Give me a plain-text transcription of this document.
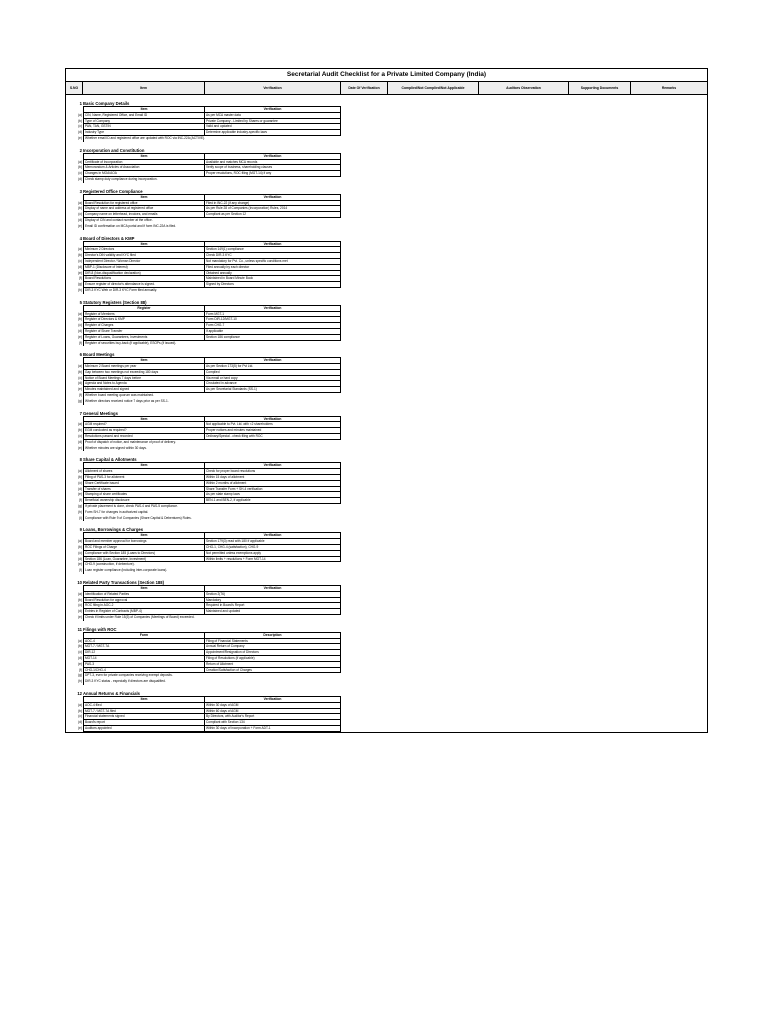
Secretarial Audit Checklist for a Private Limited Company (India)
S.NO	Item	Verification	Date Of Verification	Complied/Not Complied/Not Applicable	Auditors Observation	Supporting Documents	Remarks
1 Basic Company Details
Item	Verification
(a) CIN, Name, Registered Office, and Email ID	As per MCA master data
(b) Type of Company	Private Company - Limited by Shares or guarantee
(c) PAN, TAN, GSTIN	Valid and updated
(d) Industry Type	Determine applicable industry-specific laws
(e) Whether email ID and registered office are updated with ROC via INC-22A (ACTIVE).
2 Incorporation and Constitution
Item	Verification
(a) Certificate of Incorporation	Available and matches MCA records
(b) Memorandum & Articles of Association	Verify scope of business, shareholding clauses
(c) Changes in MOA/AOA	Proper resolutions, ROC filing (MGT-14) if any
(d) Check stamp duty compliance during incorporation.
3 Registered Office Compliance
Item	Verification
(a) Board Resolution for registered office	Filed in INC-22 (if any change)
(b) Display of name and address at registered office	As per Rule 28 of Companies (Incorporation) Rules, 2014
(c) Company name on letterhead, invoices, and emails	Compliant as per Section 12
(d) Display of CIN and contact number at the office.
(e) Email ID confirmation on MCA portal and if form INC-22A is filed.
4 Board of Directors & KMP
Item	Verification
(a) Minimum 2 Directors	Section 149(1) compliance
(b) Director's DIN validity and KYC filed	Check DIR-3 KYC
(c) Independent Director / Woman Director	Not mandatory for Pvt. Co., unless specific conditions met
(d) MBP-1 (Disclosure of Interest)	Filed annually by each director
(e) DIR-8 (Non-disqualification declaration)	Obtained annually
(f) Board Resolutions	Maintained in Board Minute Book
(g) Ensure register of director's attendance is signed.	Signed by Directors
(h) DIR-3 KYC Web or DIR-3 KYC Form filed annually.
5 Statutory Registers (Section 88)
Register	Verification
(a) Register of Members	Form MGT-1
(b) Register of Directors & KMP	Form DIR-12/MGT-10
(c) Register of Charges	Form CHG-7
(d) Register of Share Transfer	If applicable
(e) Register of Loans, Guarantees, Investments	Section 186 compliance
(f) Register of securities buy-back (if applicable), ESOPs (if issued).
6 Board Meetings
Item	Verification
(a) Minimum 2 Board meetings per year	As per Section 173(5) for Pvt Ltd.
(b) Gap between two meetings not exceeding 180 days	Complied
(c) Notice of Board Meetings 7 days before	Via email or hard copy
(d) Agenda and Notes to Agenda	Circulated in advance
(e) Minutes maintained and signed	As per Secretarial Standards (SS-1)
(f) Whether board meeting quorum was maintained.
(g) Whether directors received notice 7 days prior as per SS-1.
7 General Meetings
Item	Verification
(a) AGM required?	Not applicable to Pvt. Ltd. with <2 shareholders
(b) EGM conducted as required?	Proper notices and minutes maintained
(c) Resolutions passed and recorded	Ordinary/Special - check filing with ROC
(d) Proof of dispatch of notice, and maintenance of proof of delivery.
(e) Whether minutes are signed within 30 days.
8 Share Capital & Allotments
Item	Verification
(a) Allotment of shares	Check for proper board resolutions
(b) Filing of PAS-3 for allotment	Within 15 days of allotment
(c) Share Certificate issued	Within 2 months of allotment
(d) Transfer of shares	Share Transfer Form + SH-4 verification
(e) Stamping of share certificates	As per state stamp laws
(f) Beneficial ownership disclosure	BEN-1 and BEN-2, if applicable
(g) If private placement is done, check PAS-4 and PAS-5 compliance.
(h) Form SH-7 for changes in authorized capital.
(i) Compliance with Rule 9 of Companies (Share Capital & Debentures) Rules.
9 Loans, Borrowings & Charges
Item	Verification
(a) Board and member approval for borrowings	Section 179(3) read with 180 if applicable
(b) ROC Filings of Charge	CHG-1, CHG-4 (satisfaction), CHG-9
(c) Compliance with Section 185 (Loans to Directors)	Not permitted unless exemptions apply
(d) Section 186 (Loan, Guarantee, Investment)	Within limits + resolutions + Form MGT-14
(e) CHG-9 (construction, if debenture).
(f) Loan register compliance (including inter-corporate loans).
10 Related Party Transactions (Section 188)
Item	Verification
(a) Identification of Related Parties	Section 2(76)
(b) Board Resolution for approval	Mandatory
(c) ROC filing in AOC-2	Required in Board's Report
(d) Entries in Register of Contracts (MBP-4)	Maintained and updated
(e) Check if limits under Rule 15(3) of Companies (Meetings of Board) exceeded.
11 Filings with ROC
Form	Description
(a) AOC-4	Filing of Financial Statements
(b) MGT-7 / MGT-7A	Annual Return of Company
(c) DIR-12	Appointment/Resignation of Directors
(d) MGT-14	Filing of Resolutions (if applicable)
(e) PAS-3	Return of Allotment
(f) CHG-1/CHG-4	Creation/Satisfaction of Charges
(g) DPT-3, even for private companies receiving exempt deposits.
(h) DIR-3 KYC status - especially if directors are disqualified.
12 Annual Returns & Financials
Item	Verification
(a) AOC-4 filed	Within 30 days of AGM
(b) MGT-7 / MGT-7A filed	Within 60 days of AGM
(c) Financial statements signed	By Directors, with Auditor's Report
(d) Board's report	Compliant with Section 134
(e) Auditors appointed	Within 30 days of incorporation + Form ADT-1
